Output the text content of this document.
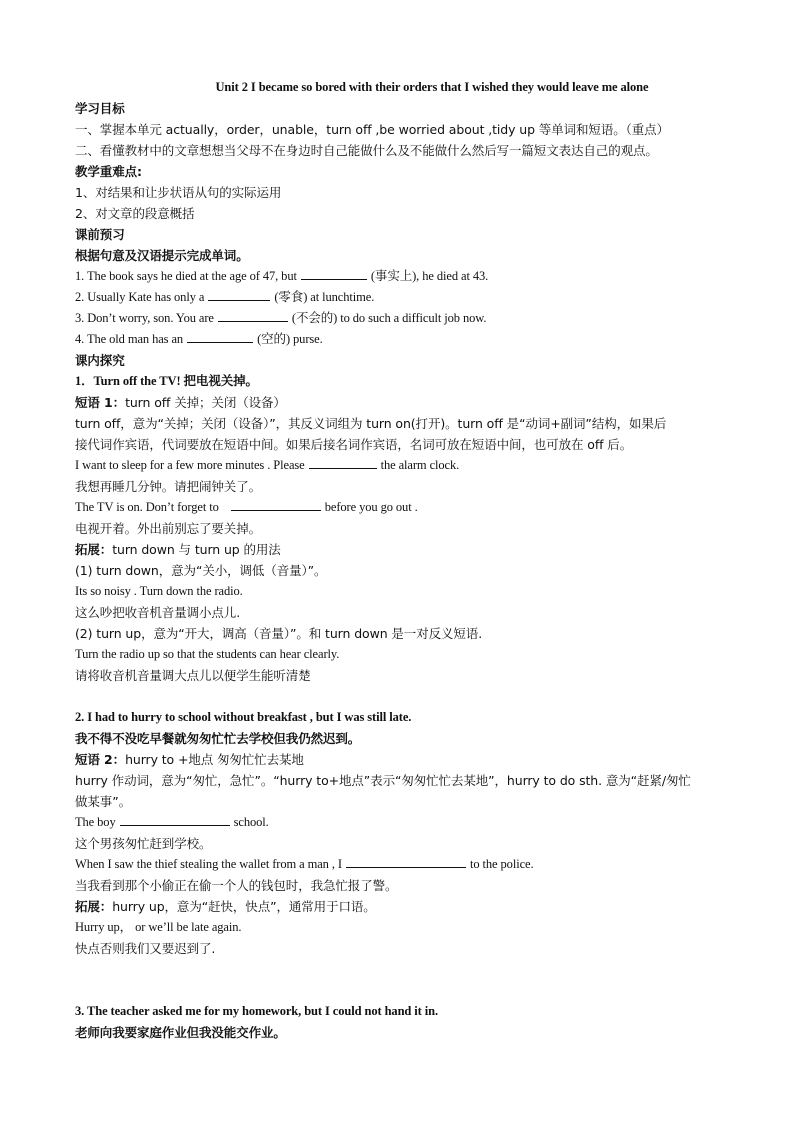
Unit 2 I became so bored with their orders that I wished they would leave me alone
学习目标
一、掌握本单元 actually，order，unable，turn off ,be worried about ,tidy up 等单词和短语。（重点）
二、看懂教材中的文章想想当父母不在身边时自己能做什么及不能做什么然后写一篇短文表达自己的观点。
教学重难点:
1、对结果和让步状语从句的实际运用
2、对文章的段意概括
课前预习
根据句意及汉语提示完成单词。
1. The book says he died at the age of 47, but	(事实上), he died at 43.
2. Usually Kate has only a	(零食) at lunchtime.
3. Don’t worry, son. You are	(不会的) to do such a difficult job now.
4. The old man has an	(空的) purse.
课内探究
1．Turn off the TV! 把电视关掉。
短语 1：turn off 关掉；关闭（设备）
turn off，意为“关掉；关闭（设备）”，其反义词组为 turn on(打开)。turn off 是“动词+副词”结构，如果后
接代词作宾语，代词要放在短语中间。如果后接名词作宾语，名词可放在短语中间，也可放在 off 后。
I want to sleep for a few more minutes . Please	the alarm clock.
我想再睡几分钟。请把闹钟关了。
The TV is on. Don’t forget to	before you go out .
电视开着。外出前别忘了要关掉。
拓展：turn down 与 turn up 的用法
(1) turn down，意为“关小，调低（音量）”。
Its so noisy . Turn down the radio.
这么吵把收音机音量调小点儿.
(2) turn up，意为“开大，调高（音量）”。和 turn down 是一对反义短语.
Turn the radio up so that the students can hear clearly.
请将收音机音量调大点儿以便学生能听清楚
2. I had to hurry to school without breakfast , but I was still late.
我不得不没吃早餐就匆匆忙忙去学校但我仍然迟到。
短语 2：hurry to +地点 匆匆忙忙去某地
hurry 作动词，意为“匆忙，急忙”。“hurry to+地点”表示“匆匆忙忙去某地”，hurry to do sth. 意为“赶紧/匆忙
做某事”。
The boy	school.
这个男孩匆忙赶到学校。
When I saw the thief stealing the wallet from a man , I	to the police.
当我看到那个小偷正在偷一个人的钱包时，我急忙报了警。
拓展：hurry up，意为“赶快，快点”，通常用于口语。
Hurry up， or we’ll be late again.
快点否则我们又要迟到了.
3. The teacher asked me for my homework, but I could not hand it in.
老师向我要家庭作业但我没能交作业。
